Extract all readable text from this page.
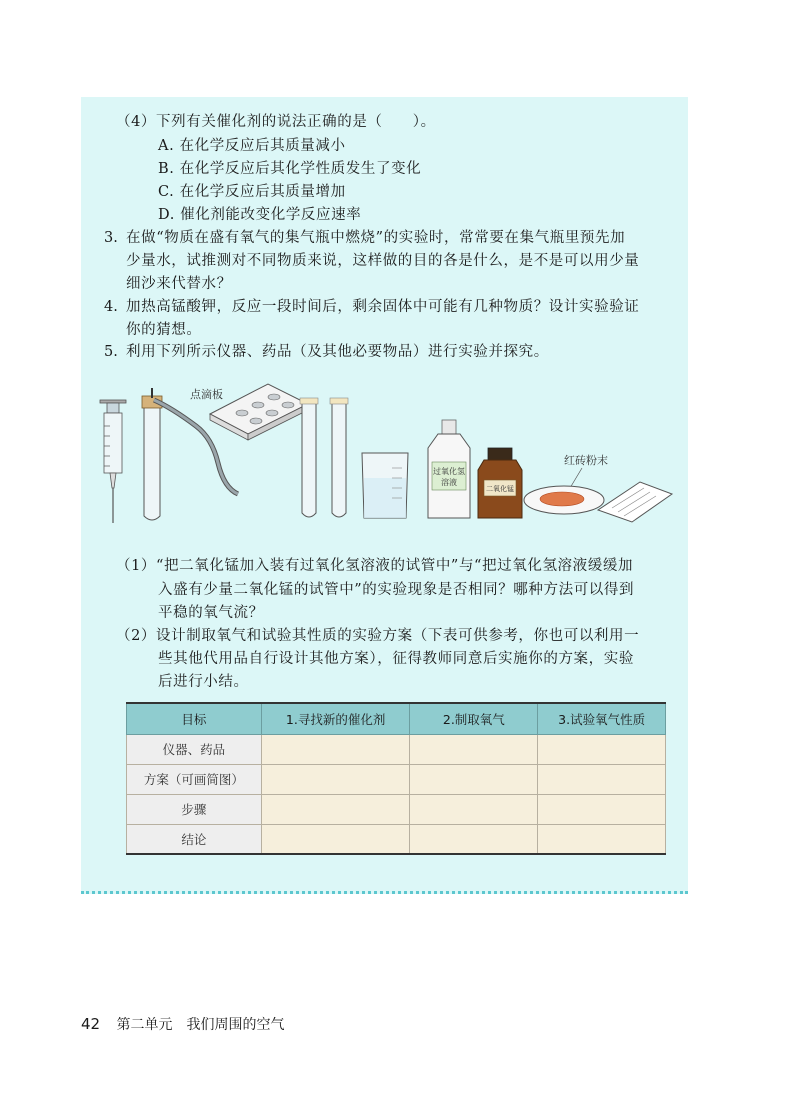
（4）下列有关催化剂的说法正确的是（　　）。
A. 在化学反应后其质量减小
B. 在化学反应后其化学性质发生了变化
C. 在化学反应后其质量增加
D. 催化剂能改变化学反应速率
3. 在做“物质在盛有氧气的集气瓶中燃烧”的实验时，常常要在集气瓶里预先加
少量水，试推测对不同物质来说，这样做的目的各是什么，是不是可以用少量
细沙来代替水？
4. 加热高锰酸钾，反应一段时间后，剩余固体中可能有几种物质？设计实验验证
你的猜想。
5. 利用下列所示仪器、药品（及其他必要物品）进行实验并探究。
点滴板
过氧化氢
溶液
二氧化锰
红砖粉末
（1）“把二氧化锰加入装有过氧化氢溶液的试管中”与“把过氧化氢溶液缓缓加
入盛有少量二氧化锰的试管中”的实验现象是否相同？哪种方法可以得到
平稳的氧气流？
（2）设计制取氧气和试验其性质的实验方案（下表可供参考，你也可以利用一
些其他代用品自行设计其他方案），征得教师同意后实施你的方案，实验
后进行小结。
目标	1.寻找新的催化剂	2.制取氧气	3.试验氧气性质
仪器、药品			
方案（可画简图）			
步骤			
结论			
42 第二单元　我们周围的空气
